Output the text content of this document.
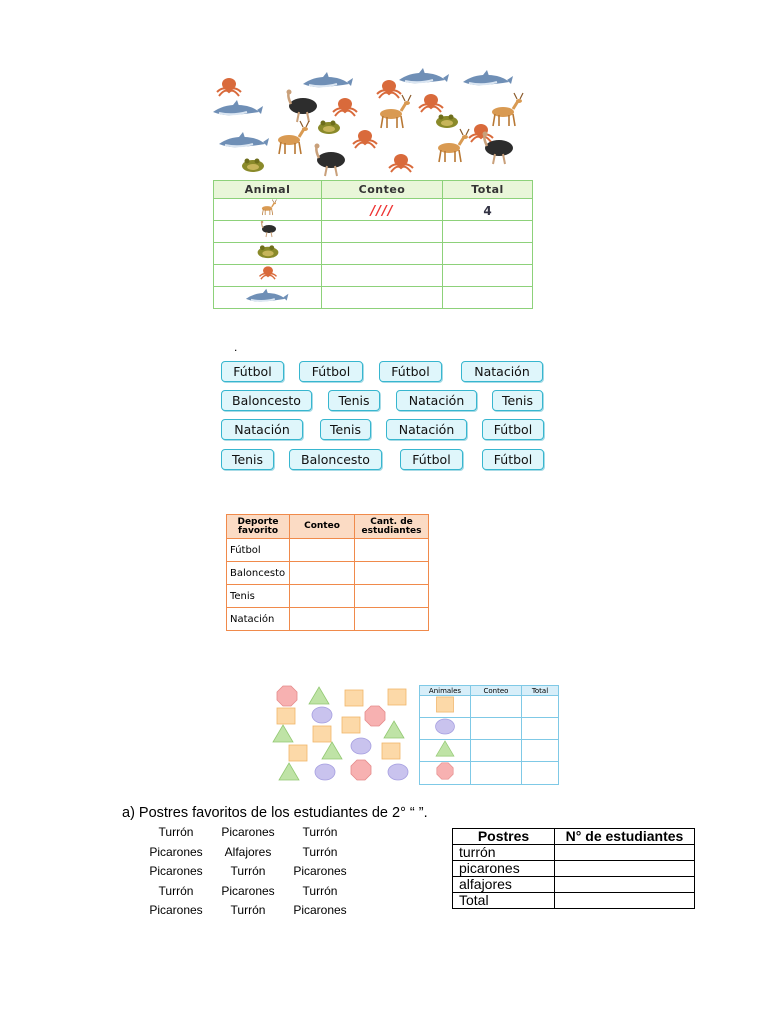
Animal	Conteo	Total
	////	4

.
Fútbol	Fútbol	Fútbol	Natación
Baloncesto	Tenis	Natación	Tenis
Natación	Tenis	Natación	Fútbol
Tenis	Baloncesto	Fútbol	Fútbol
Deporte favorito	Conteo	Cant. de estudiantes
Fútbol		
Baloncesto		
Tenis		
Natación		
Animales	Conteo	Total

a) Postres favoritos de los estudiantes de 2° “ ”.
Turrón	Picarones	Turrón
Picarones	Alfajores	Turrón
Picarones	Turrón	Picarones
Turrón	Picarones	Turrón
Picarones	Turrón	Picarones
Postres	N° de estudiantes
turrón	
picarones	
alfajores	
Total	
